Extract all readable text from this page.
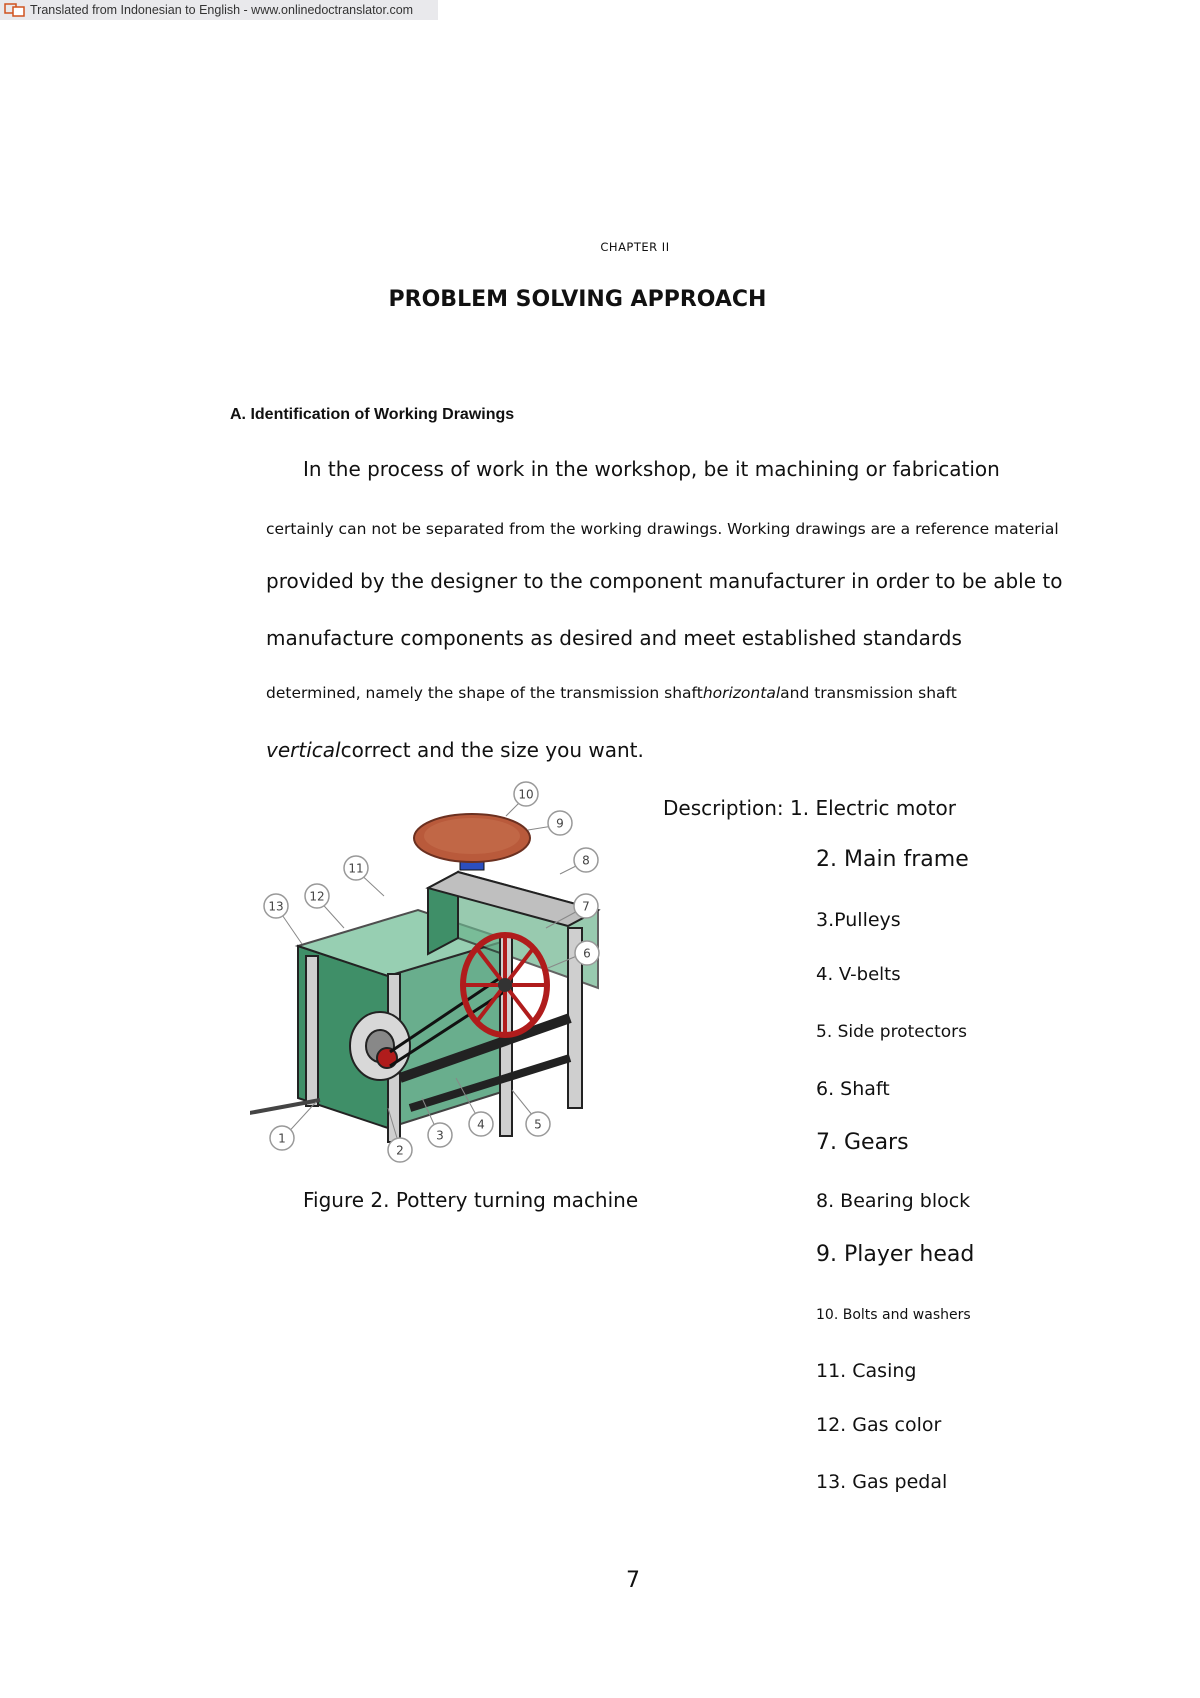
Translated from Indonesian to English - www.onlinedoctranslator.com
CHAPTER II
PROBLEM SOLVING APPROACH
A. Identification of Working Drawings
In the process of work in the workshop, be it machining or fabrication
certainly can not be separated from the working drawings. Working drawings are a reference material
provided by the designer to the component manufacturer in order to be able to
manufacture components as desired and meet established standards
determined, namely the shape of the transmission shafthorizontaland transmission shaft
verticalcorrect and the size you want.
Description: 1. Electric motor
2. Main frame
3.Pulleys
4. V-belts
5. Side protectors
6. Shaft
7. Gears
8. Bearing block
9. Player head
10. Bolts and washers
11. Casing
12. Gas color
13. Gas pedal
1
2
3
4	5
6
7
8
9
10
11
12
13
Figure 2. Pottery turning machine
7
